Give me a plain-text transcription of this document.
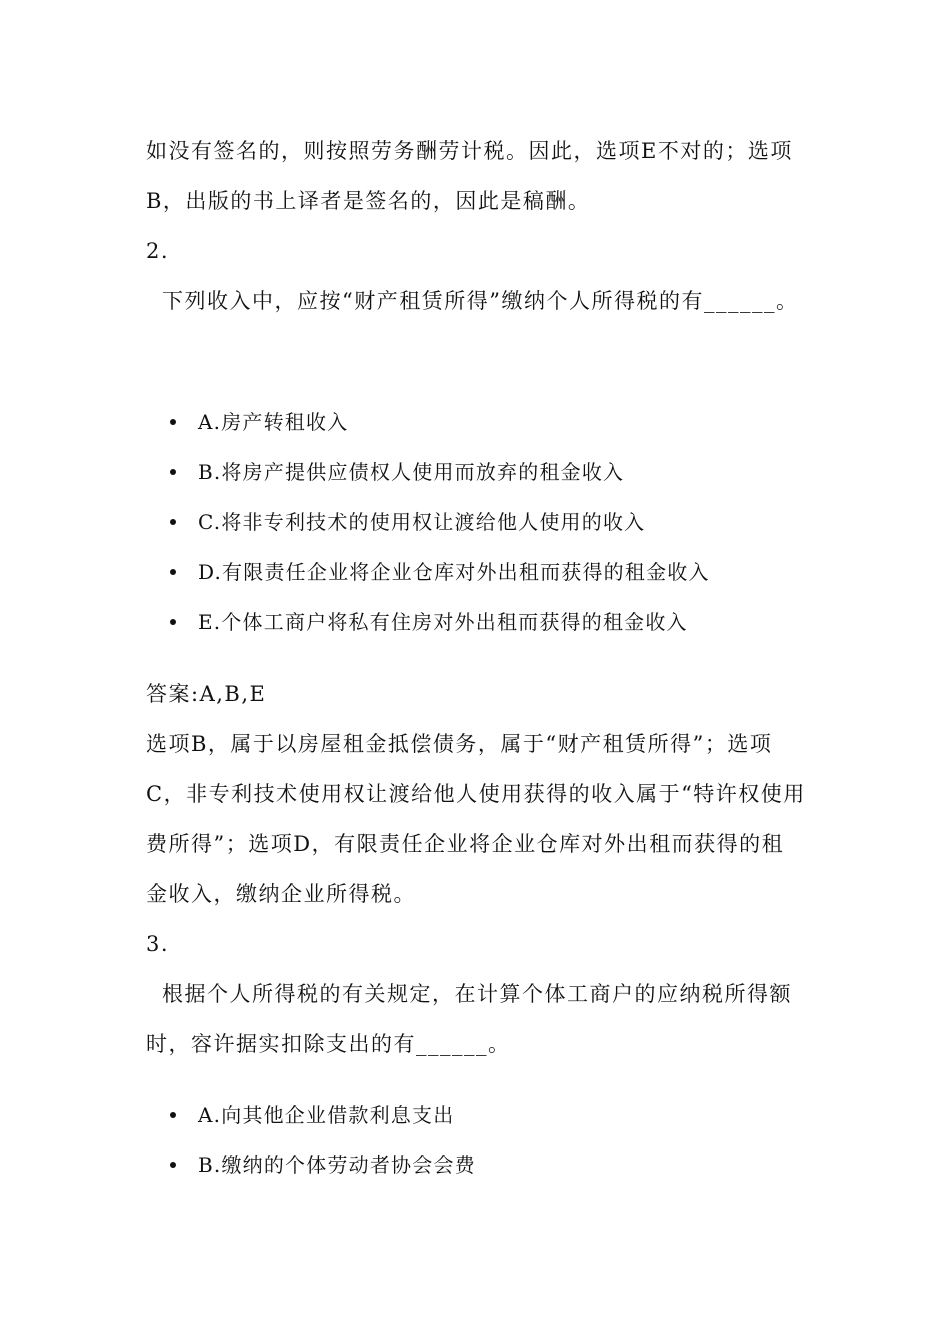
如没有签名的，则按照劳务酬劳计税。因此，选项E不对的；选项
B，出版的书上译者是签名的，因此是稿酬。
2.
下列收入中，应按“财产租赁所得”缴纳个人所得税的有______。
A.房产转租收入
B.将房产提供应债权人使用而放弃的租金收入
C.将非专利技术的使用权让渡给他人使用的收入
D.有限责任企业将企业仓库对外出租而获得的租金收入
E.个体工商户将私有住房对外出租而获得的租金收入
答案:A,B,E
选项B，属于以房屋租金抵偿债务，属于“财产租赁所得”；选项
C，非专利技术使用权让渡给他人使用获得的收入属于“特许权使用
费所得”；选项D，有限责任企业将企业仓库对外出租而获得的租
金收入，缴纳企业所得税。
3.
根据个人所得税的有关规定，在计算个体工商户的应纳税所得额
时，容许据实扣除支出的有______。
A.向其他企业借款利息支出
B.缴纳的个体劳动者协会会费
